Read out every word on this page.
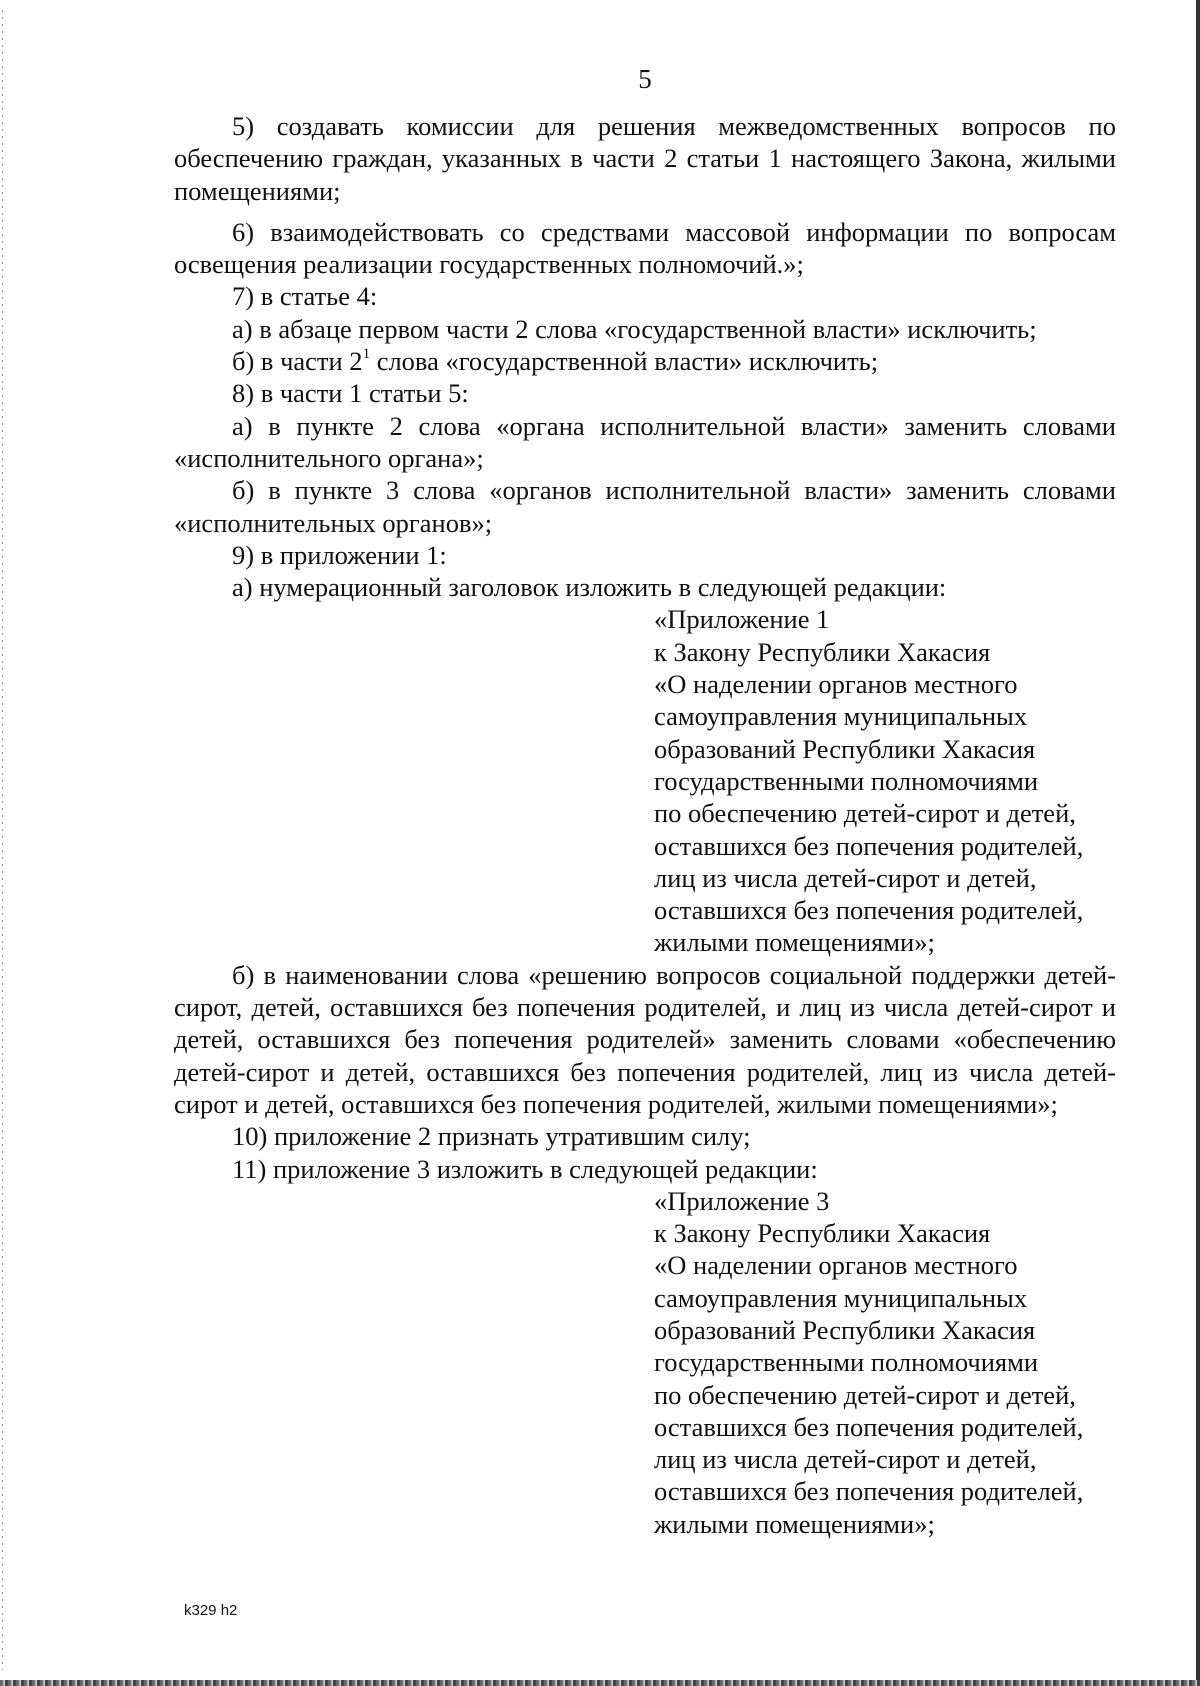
5

5) создавать комиссии для решения межведомственных вопросов по обеспечению граждан, указанных в части 2 статьи 1 настоящего Закона, жилыми помещениями;

6) взаимодействовать со средствами массовой информации по вопросам освещения реализации государственных полномочий.»;

7) в статье 4:

а) в абзаце первом части 2 слова «государственной власти» исключить;

б) в части $2^1$ слова «государственной власти» исключить;

8) в части 1 статьи 5:

а) в пункте 2 слова «органа исполнительной власти» заменить словами «исполнительного органа»;

б) в пункте 3 слова «органов исполнительной власти» заменить словами «исполнительных органов»;

9) в приложении 1:

а) нумерационный заголовок изложить в следующей редакции:

«Приложение 1
к Закону Республики Хакасия
«О наделении органов местного
самоуправления муниципальных
образований Республики Хакасия
государственными полномочиями
по обеспечению детей-сирот и детей,
оставшихся без попечения родителей,
лиц из числа детей-сирот и детей,
оставшихся без попечения родителей,
жилыми помещениями»;

б) в наименовании слова «решению вопросов социальной поддержки детей-сирот, детей, оставшихся без попечения родителей, и лиц из числа детей-сирот и детей, оставшихся без попечения родителей» заменить словами «обеспечению детей-сирот и детей, оставшихся без попечения родителей, лиц из числа детей-сирот и детей, оставшихся без попечения родителей, жилыми помещениями»;

10) приложение 2 признать утратившим силу;

11) приложение 3 изложить в следующей редакции:

«Приложение 3
к Закону Республики Хакасия
«О наделении органов местного
самоуправления муниципальных
образований Республики Хакасия
государственными полномочиями
по обеспечению детей-сирот и детей,
оставшихся без попечения родителей,
лиц из числа детей-сирот и детей,
оставшихся без попечения родителей,
жилыми помещениями»;
k329 h2
